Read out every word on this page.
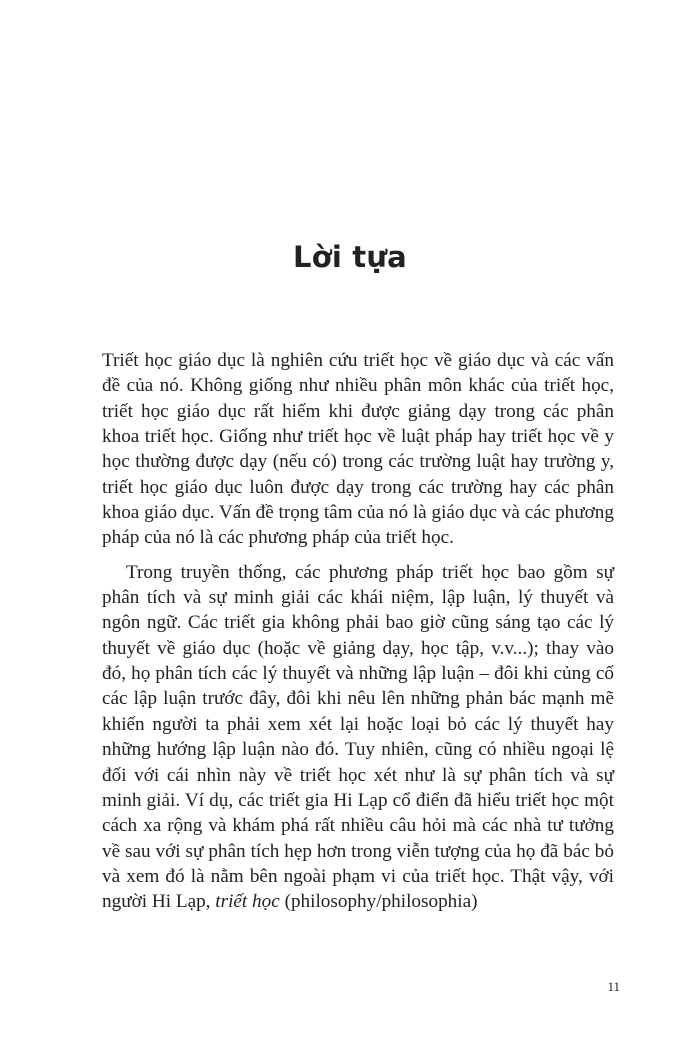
Lời tựa

Triết học giáo dục là nghiên cứu triết học về giáo dục và các vấn đề của nó. Không giống như nhiều phân môn khác của triết học, triết học giáo dục rất hiếm khi được giảng dạy trong các phân khoa triết học. Giống như triết học về luật pháp hay triết học về y học thường được dạy (nếu có) trong các trường luật hay trường y, triết học giáo dục luôn được dạy trong các trường hay các phân khoa giáo dục. Vấn đề trọng tâm của nó là giáo dục và các phương pháp của nó là các phương pháp của triết học.

Trong truyền thống, các phương pháp triết học bao gồm sự phân tích và sự minh giải các khái niệm, lập luận, lý thuyết và ngôn ngữ. Các triết gia không phải bao giờ cũng sáng tạo các lý thuyết về giáo dục (hoặc về giảng dạy, học tập, v.v...); thay vào đó, họ phân tích các lý thuyết và những lập luận – đôi khi củng cố các lập luận trước đây, đôi khi nêu lên những phản bác mạnh mẽ khiến người ta phải xem xét lại hoặc loại bỏ các lý thuyết hay những hướng lập luận nào đó. Tuy nhiên, cũng có nhiều ngoại lệ đối với cái nhìn này về triết học xét như là sự phân tích và sự minh giải. Ví dụ, các triết gia Hi Lạp cổ điển đã hiểu triết học một cách xa rộng và khám phá rất nhiều câu hỏi mà các nhà tư tưởng về sau với sự phân tích hẹp hơn trong viễn tượng của họ đã bác bỏ và xem đó là nằm bên ngoài phạm vi của triết học. Thật vậy, với người Hi Lạp, triết học (philosophy/philosophia)

11
